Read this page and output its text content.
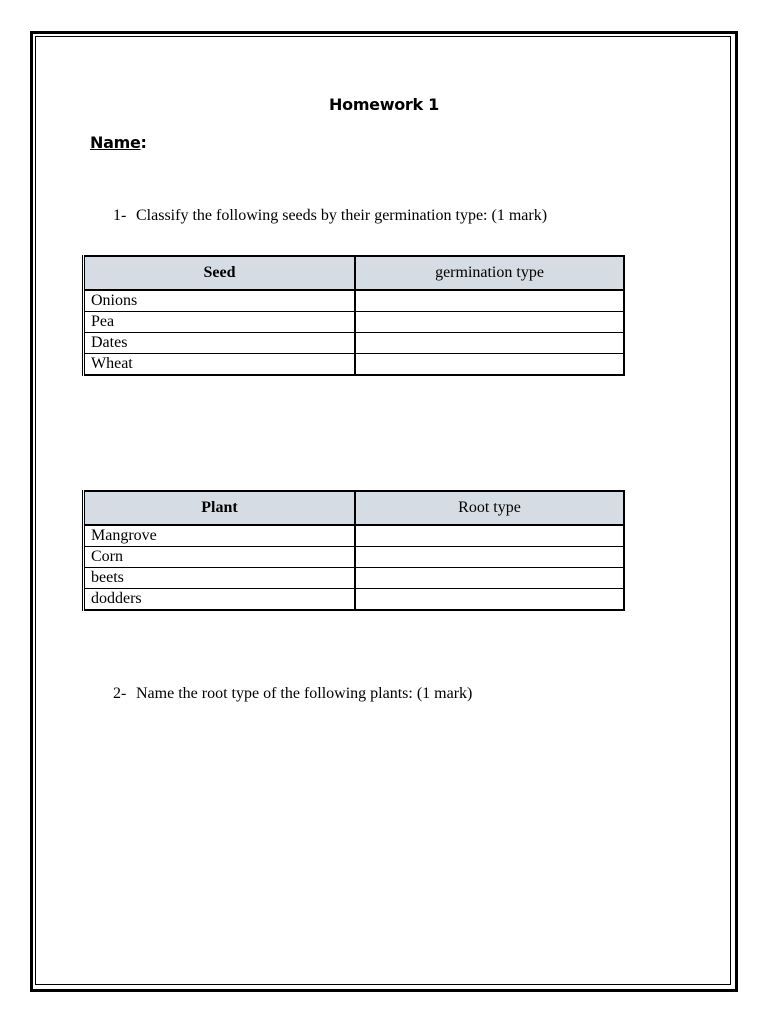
Homework 1
Name:
1- Classify the following seeds by their germination type: (1 mark)
Seed	germination type
Onions	
Pea	
Dates	
Wheat	
Plant	Root type
Mangrove	
Corn	
beets	
dodders	
2- Name the root type of the following plants: (1 mark)
